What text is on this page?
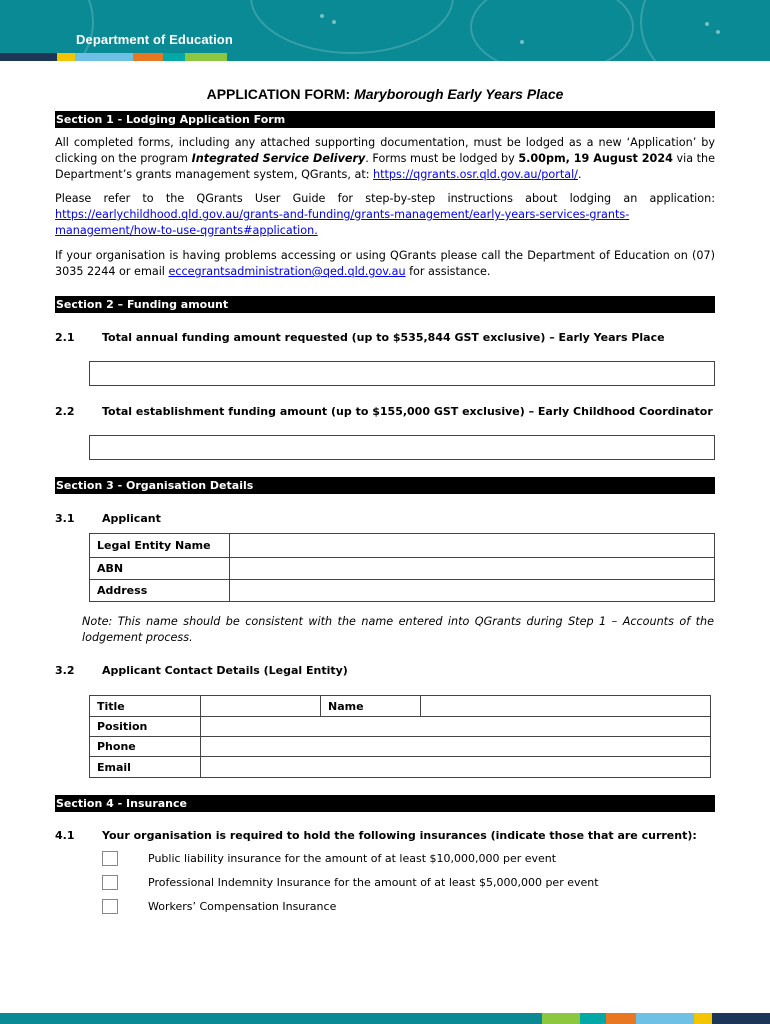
Department of Education
APPLICATION FORM: Maryborough Early Years Place
Section 1 - Lodging Application Form
All completed forms, including any attached supporting documentation, must be lodged as a new ‘Application’ by clicking on the program Integrated Service Delivery. Forms must be lodged by 5.00pm, 19 August 2024 via the Department’s grants management system, QGrants, at: https://qgrants.osr.qld.gov.au/portal/.
Please refer to the QGrants User Guide for step-by-step instructions about lodging an application: https://earlychildhood.qld.gov.au/grants-and-funding/grants-management/early-years-services-grants-management/how-to-use-qgrants#application.
If your organisation is having problems accessing or using QGrants please call the Department of Education on (07) 3035 2244 or email eccegrantsadministration@qed.qld.gov.au for assistance.
Section 2 – Funding amount
2.1	Total annual funding amount requested (up to $535,844 GST exclusive) – Early Years Place
2.2	Total establishment funding amount (up to $155,000 GST exclusive) – Early Childhood Coordinator
Section 3 - Organisation Details
3.1	Applicant
Legal Entity Name	
ABN	
Address	
Note: This name should be consistent with the name entered into QGrants during Step 1 – Accounts of the lodgement process.
3.2	Applicant Contact Details (Legal Entity)
Title		Name	
Position			
Phone			
Email			
Section 4 - Insurance
4.1	Your organisation is required to hold the following insurances (indicate those that are current):
Public liability insurance for the amount of at least $10,000,000 per event
Professional Indemnity Insurance for the amount of at least $5,000,000 per event
Workers’ Compensation Insurance
